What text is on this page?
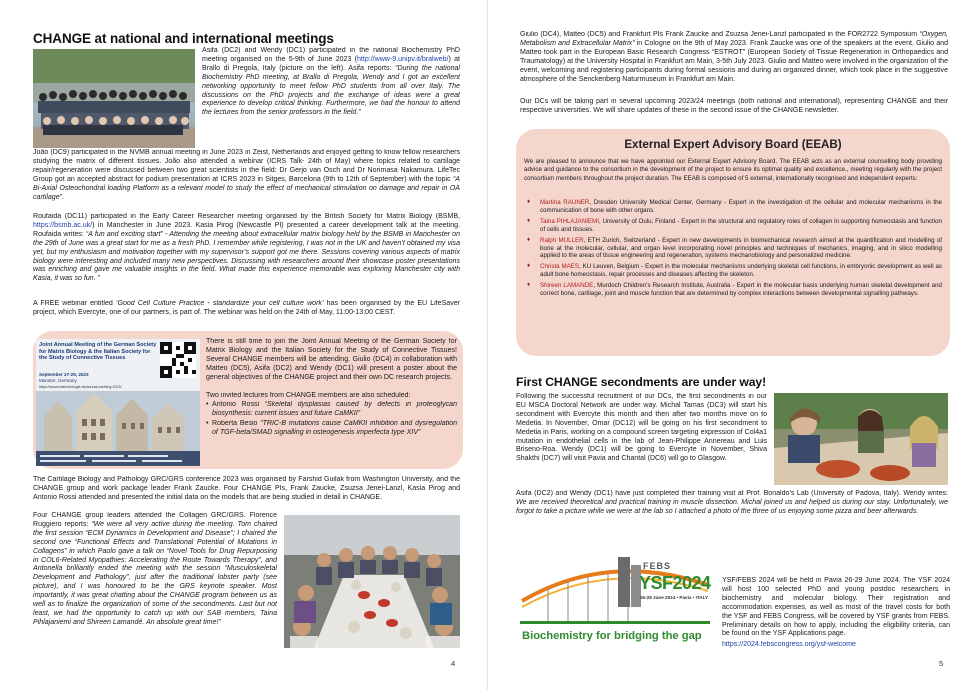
CHANGE at national and international meetings
Asifa (DC2) and Wendy (DC1) participated in the national Biochemistry PhD meeting organised on the 5-9th of June 2023 (http://www-9.unipv.it/bralweb/) at Brallo di Pregola, Italy (picture on the left). Asifa reports: “During the national Biochemistry PhD meeting, at Brallo di Pregola, Wendy and I got an excellent networking opportunity to meet fellow PhD students from all over Italy. The discussions on the PhD projects and the exchange of ideas were a great experience to develop critical thinking. Furthermore, we had the honour to attend the lectures from the senior professors in the field.”
João (DC9) participated in the NVMB annual meeting in June 2023 in Zeist, Netherlands and enjoyed getting to know fellow researchers studying the matrix of different tissues. João also attended a webinar (ICRS Talk- 24th of May) where topics related to cartilage repair/regeneration were discussed between two great scientists in the field: Dr Gerjo van Osch and Dr Norimasa Nakamura. LifeTec Group got an accepted abstract for podium presentation at ICRS 2023 in Sitges, Barcelona (9th to 12th of September) with the topic “A Bi-Axial Osteochondral loading Platform as a relevant model to study the effect of mechanical stimulation on damage and repair in OA cartilage”.
Roufaida (DC11) participated in the Early Career Researcher meeting organised by the British Society for Matrix Biology (BSMB, https://bsmb.ac.uk/) in Manchester in June 2023. Kasia Pirog (Newcastle PI) presented a career development talk at the meeting. Roufaida writes: “A fun and exciting start” - Attending the meeting about extracellular matrix biology held by the BSMB in Manchester on the 29th of June was a great start for me as a fresh PhD. I remember while registering, I was not in the UK and haven’t obtained my visa yet, but my enthusiasm and motivation together with my supervisor’s support got me there. Sessions covering various aspects of matrix biology were interesting and included many new perspectives. Discussing with researchers around their showcase poster presentations was enriching and gave me valuable insights in the field. What made this experience memorable was exploring Manchester city with Kasia, it was so fun. ”
A FREE webinar entitled ‘Good Cell Culture Practice - standardize your cell culture work’ has been organised by the EU LifeSaver project, which Evercyte, one of our partners, is part of. The webinar was held on the 24th of May, 11:00-13:00 CEST.
Joint Annual Meeting of the German Society for Matrix Biology & the Italian Society for the Study of Connective Tissues
September 27-29, 2023
Münster, Germany
https://www.matrixbiologie.de/annual-meeting-2023/
There is still time to join the Joint Annual Meeting of the German Society for Matrix Biology and the Italian Society for the Study of Connective Tissues! Several CHANGE members will be attending. Giulio (DC4) in collaboration with Matteo (DC5), Asifa (DC2) and Wendy (DC1) will present a poster about the general objectives of the CHANGE project and their own DC research projects.
Two invited lectures from CHANGE members are also scheduled:
• Antonio Rossi “Skeletal dysplasias caused by defects in proteoglycan biosynthesis: current issues and future CaMKII”
• Roberta Besio “TRIC-B mutations cause CaMKII inhibition and dysregulation of TGF-beta/SMAD signalling in osteogenesis imperfecta type XIV”
The Cartilage Biology and Pathology GRC/GRS conference 2023 was organised by Farshid Guilak from Washington University, and the CHANGE group and work package leader Frank Zaucke. Four CHANGE PIs, Frank Zaucke, Zsuzsa Jenei-Lanzl, Kasia Pirog and Antonio Rossi attended and presented the initial data on the models that are being studied in detail in CHANGE.
Four CHANGE group leaders attended the Collagen GRC/GRS. Florence Ruggiero reports: “We were all very active during the meeting. Tom chaired the first session “ECM Dynamics in Development and Disease”; I chaired the second one “Functional Effects and Translational Potential of Mutations in Collagens” in which Paolo gave a talk on “Novel Tools for Drug Repurposing in COL6-Related Myopathies: Accelerating the Route Towards Therapy”, and Antonella brilliantly ended the meeting with the session “Musculoskeletal Development and Pathology”, just after the traditional lobster party (see picture), and I was honoured to be the GRS keynote speaker. Most importantly, it was great chatting about the CHANGE program between us as well as to finalize the organization of some of the secondments. Last but not least, we had the opportunity to catch up with our SAB members, Taina Pihlajaniemi and Shireen Lamandé. An absolute great time!”
4
Giulio (DC4), Matteo (DC5) and Frankfurt PIs Frank Zaucke and Zsuzsa Jenei-Lanzl participated in the FOR2722 Symposium “Oxygen, Metabolism and Extracellular Matrix” in Cologne on the 9th of May 2023. Frank Zaucke was one of the speakers at the event. Giulio and Matteo took part in the European Basic Research Congress “ESTROT” (European Society of Tissue Regeneration in Orthopaedics and Traumatology) at the University Hospital in Frankfurt am Main, 3-5th July 2023. Giulio and Matteo were involved in the organization of the event, welcoming and registering participants during formal sessions and during an organized dinner, which took place in the suggestive atmosphere of the Senckenberg Naturmuseum in Frankfurt am Main.
Our DCs will be taking part in several upcoming 2023/24 meetings (both national and international), representing CHANGE and their respective universities. We will share updates of these in the second issue of the CHANGE newsletter.
External Expert Advisory Board (EEAB)
We are pleased to announce that we have appointed our External Expert Advisory Board. The EEAB acts as an external counselling body providing advice and guidance to the consortium in the development of the project to ensure its optimal quality and excellence., meeting regularly with the project consortium members throughout the project duration. The EEAB is composed of 5 external, internationally recognised and independent experts:
♦ Martina RAUNER, Dresden University Medical Center, Germany - Expert in the investigation of the cellular and molecular mechanisms in the communication of bone with other organs.
♦ Taina PIHLAJANIEMI, University of Oulu, Finland - Expert in the structural and regulatory roles of collagen in supporting homeostasis and function of cells and tissues.
♦ Ralph MULLER, ETH Zurich, Switzerland - Expert in new developments in biomechanical research aimed at the quantification and modelling of bone at the molecular, cellular, and organ level incorporating novel principles and techniques of mechanics, imaging, and in silico modelling applied to the areas of tissue engineering and regeneration, systems mechanobiology and personalized medicine.
♦ Christa MAES, KU Leuven, Belgium - Expert in the molecular mechanisms underlying skeletal cell functions, in embryonic development as well as adult bone homeostasis, repair processes and diseases affecting the skeleton.
♦ Shireen LAMANDE, Murdoch Children’s Research Institute, Australia - Expert in the molecular basis underlying human skeletal development and correct bone, cartilage, joint and muscle function that are determined by complex interactions between developmental signalling pathways.
First CHANGE secondments are under way!
Following the successful recruitment of our DCs, the first secondments in our EU MSCA Doctoral Network are under way. Michal Tamas (DC3) will start his secondment with Evercyte this month and then after two months move on to Medetia. In November, Omar (DC12) will be going on his first secondment to Medetia in Paris, working on a compound screen targeting expression of Col4a1 mutation in endothelial cells in the lab of Jean-Philippe Annereau and Luis Briseno-Roa. Wendy (DC1) will be going to Evercyte in November, Shiva Shakthi (DC7) will visit Pavia and Chantal (DC6) will go to Glasgow.
Asifa (DC2) and Wendy (DC1) have just completed their training visit at Prof. Bonaldo’s Lab (University of Padova, Italy). Wendy writes: We are received theoretical and practical training in muscle dissection. Michal joined us and helped us during our stay. Unfortunately, we forgot to take a picture while we were at the lab so I attached a photo of the three of us enjoying some pizza and beer afterwards.
FEBS
YSF2024
26-28 June 2024 • Pavia • ITALY
Biochemistry for bridging the gap
YSF/FEBS 2024 will be held in Pavia 26-29 June 2024. The YSF 2024 will host 100 selected PhD and young postdoc researchers in biochemistry and molecular biology. Their registration and accommodation expenses, as well as most of the travel costs for both the YSF and FEBS Congress, will be covered by YSF grants from FEBS. Preliminary details on how to apply, including the eligibility criteria, can be found on the YSF Applications page.
https://2024.febscongress.org/ysf-welcome
5
